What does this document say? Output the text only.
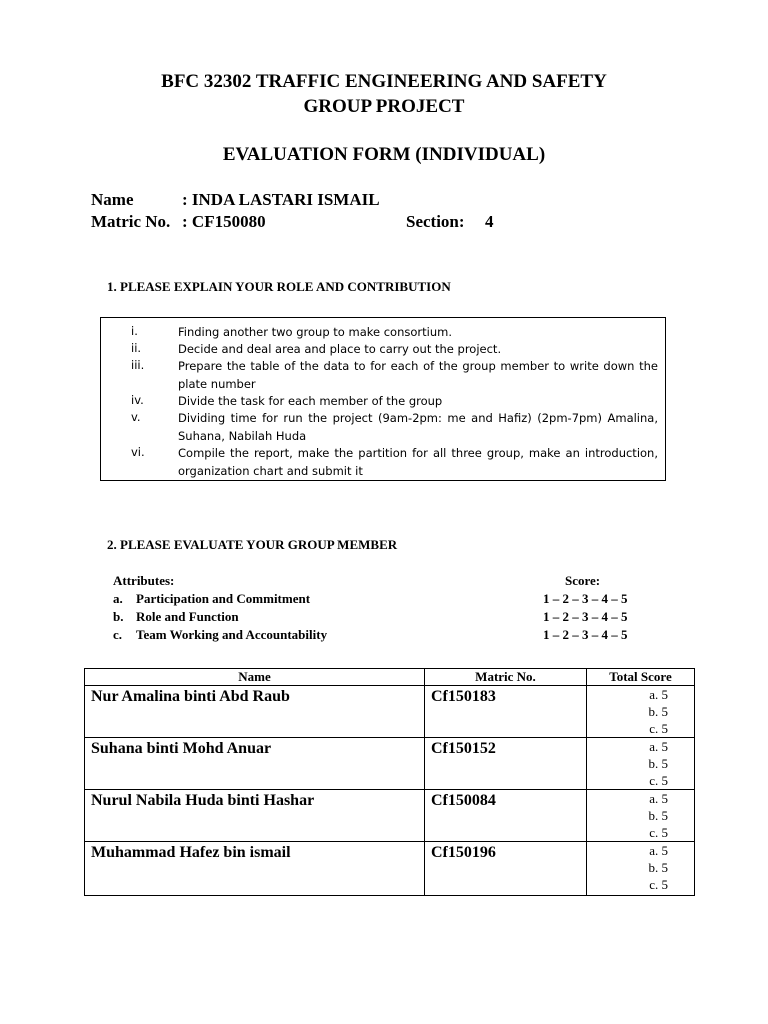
BFC 32302 TRAFFIC ENGINEERING AND SAFETY
GROUP PROJECT
EVALUATION FORM (INDIVIDUAL)
Name	: INDA LASTARI ISMAIL
Matric No. : CF150080	Section: 4
1. PLEASE EXPLAIN YOUR ROLE AND CONTRIBUTION
i.	Finding another two group to make consortium.
ii.	Decide and deal area and place to carry out the project.
iii.	Prepare the table of the data to for each of the group member to write down the plate number
iv.	Divide the task for each member of the group
v.	Dividing time for run the project (9am-2pm: me and Hafiz) (2pm-7pm) Amalina, Suhana, Nabilah Huda
vi.	Compile the report, make the partition for all three group, make an introduction, organization chart and submit it
2. PLEASE EVALUATE YOUR GROUP MEMBER
Attributes:	Score:
a. Participation and Commitment	1 – 2 – 3 – 4 – 5
b. Role and Function	1 – 2 – 3 – 4 – 5
c. Team Working and Accountability	1 – 2 – 3 – 4 – 5
Name	Matric No.	Total Score
Nur Amalina binti Abd Raub	Cf150183	a. 5
b. 5
c. 5

Suhana binti Mohd Anuar	Cf150152	a. 5
b. 5
c. 5

Nurul Nabila Huda binti Hashar	Cf150084	a. 5
b. 5
c. 5

Muhammad Hafez bin ismail	Cf150196	a. 5
b. 5
c. 5
